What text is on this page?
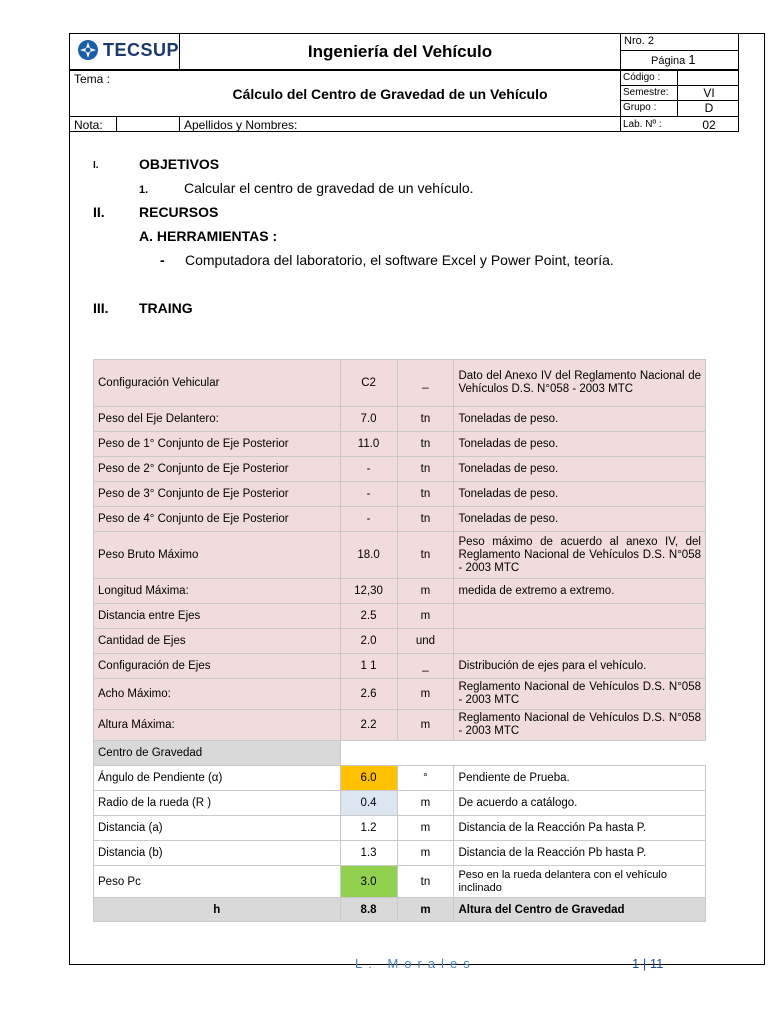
TECSUP	Ingeniería del Vehículo
Nro. 2
Página 1
Tema :
Cálculo del Centro de Gravedad de un Vehículo
Código :
Semestre:	VI
Grupo :	D
Nota:	Apellidos y Nombres:	Lab. Nº :	02
I.	OBJETIVOS
1.	Calcular el centro de gravedad de un vehículo.
II. RECURSOS
A. HERRAMIENTAS :
- Computadora del laboratorio, el software Excel y Power Point, teoría.
III. TRAING
Configuración Vehicular	C2	_	Dato del Anexo IV del Reglamento Nacional de Vehículos D.S. N°058 - 2003 MTC
Peso del Eje Delantero:	7.0	tn	Toneladas de peso.
Peso de 1° Conjunto de Eje Posterior	11.0	tn	Toneladas de peso.
Peso de 2° Conjunto de Eje Posterior	-	tn	Toneladas de peso.
Peso de 3° Conjunto de Eje Posterior	-	tn	Toneladas de peso.
Peso de 4° Conjunto de Eje Posterior	-	tn	Toneladas de peso.
Peso Bruto Máximo	18.0	tn	Peso máximo de acuerdo al anexo IV, del Reglamento Nacional de Vehículos D.S. N°058 - 2003 MTC
Longitud Máxima:	12,30	m	medida de extremo a extremo.
Distancia entre Ejes	2.5	m	
Cantidad de Ejes	2.0	und	
Configuración de Ejes	1 1	_	Distribución de ejes para el vehículo.
Acho Máximo:	2.6	m	Reglamento Nacional de Vehículos D.S. N°058 - 2003 MTC
Altura Máxima:	2.2	m	Reglamento Nacional de Vehículos D.S. N°058 - 2003 MTC
Centro de Gravedad			
Ángulo de Pendiente (α)	6.0	°	Pendiente de Prueba.
Radio de la rueda (R )	0.4	m	De acuerdo a catálogo.
Distancia (a)	1.2	m	Distancia de la Reacción Pa hasta P.
Distancia (b)	1.3	m	Distancia de la Reacción Pb hasta P.
Peso Pc	3.0	tn	Peso en la rueda delantera con el vehículo inclinado
h	8.8	m	Altura del Centro de Gravedad
L. Morales	1 | 11
